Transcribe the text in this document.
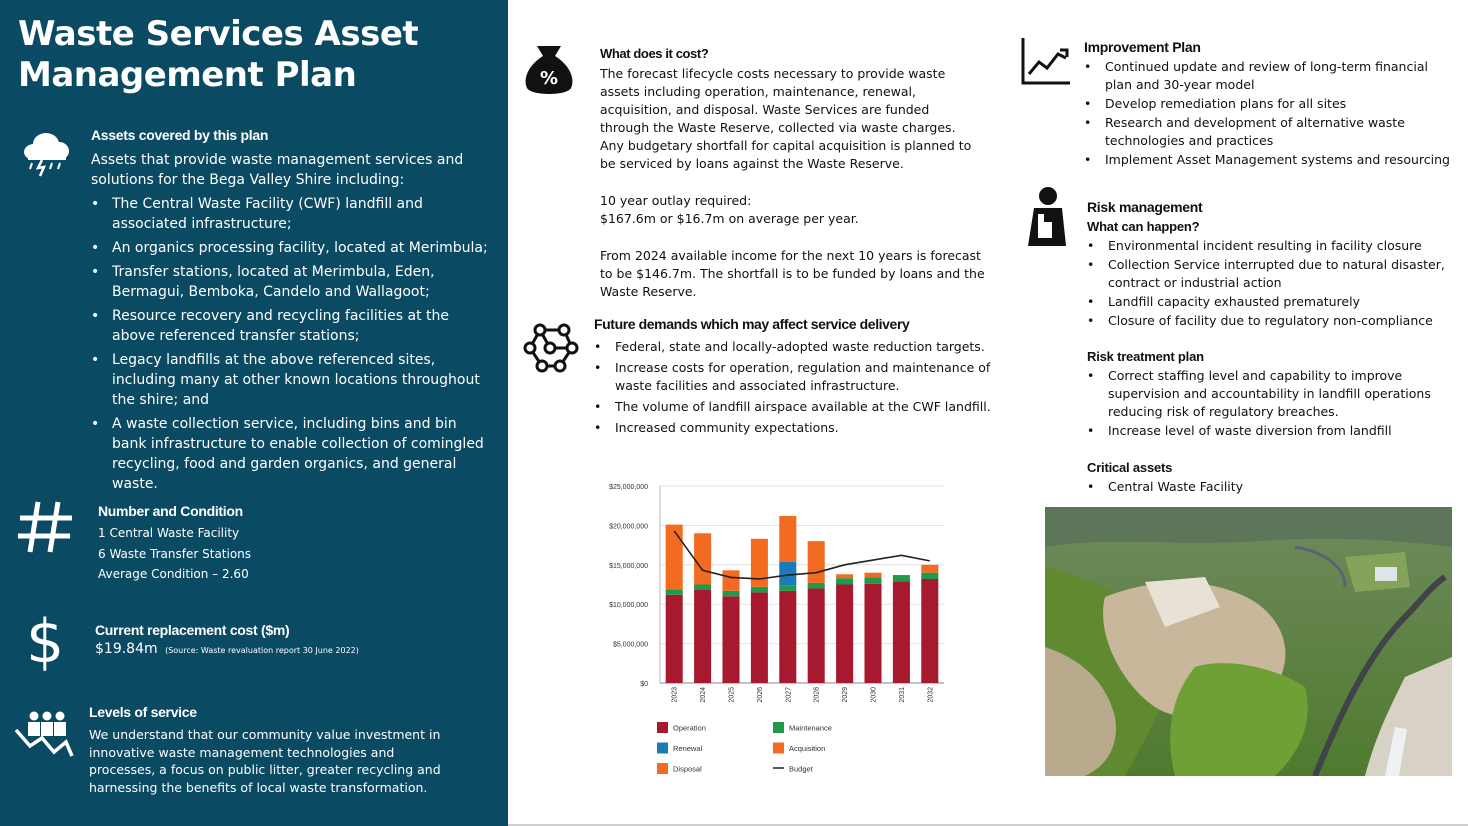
Waste Services Asset
Management Plan
Assets covered by this plan
Assets that provide waste management services and solutions for the Bega Valley Shire including:
• The Central Waste Facility (CWF) landfill and associated infrastructure;
• An organics processing facility, located at Merimbula;
• Transfer stations, located at Merimbula, Eden, Bermagui, Bemboka, Candelo and Wallagoot;
• Resource recovery and recycling facilities at the above referenced transfer stations;
• Legacy landfills at the above referenced sites, including many at other known locations throughout the shire; and
• A waste collection service, including bins and bin bank infrastructure to enable collection of comingled recycling, food and garden organics, and general waste.
Number and Condition
1 Central Waste Facility
6 Waste Transfer Stations
Average Condition – 2.60
$ Current replacement cost ($m)
$19.84m (Source: Waste revaluation report 30 June 2022)
Levels of service
We understand that our community value investment in innovative waste management technologies and processes, a focus on public litter, greater recycling and harnessing the benefits of local waste transformation.
%
What does it cost?
The forecast lifecycle costs necessary to provide waste assets including operation, maintenance, renewal, acquisition, and disposal. Waste Services are funded through the Waste Reserve, collected via waste charges. Any budgetary shortfall for capital acquisition is planned to be serviced by loans against the Waste Reserve.
10 year outlay required:
$167.6m or $16.7m on average per year.
From 2024 available income for the next 10 years is forecast to be $146.7m. The shortfall is to be funded by loans and the Waste Reserve.
Future demands which may affect service delivery
• Federal, state and locally-adopted waste reduction targets.
• Increase costs for operation, regulation and maintenance of waste facilities and associated infrastructure.
• The volume of landfill airspace available at the CWF landfill.
• Increased community expectations.
$0
$5,000,000
$10,000,000
$15,000,000
$20,000,000
$25,000,000
2023	2024	2025	2026	2027	2028	2029	2030	2031	2032
Operation	Maintenance
Renewal	Acquisition
Disposal	Budget
Improvement Plan
• Continued update and review of long-term financial plan and 30-year model
• Develop remediation plans for all sites
• Research and development of alternative waste technologies and practices
• Implement Asset Management systems and resourcing
Risk management
What can happen?
• Environmental incident resulting in facility closure
• Collection Service interrupted due to natural disaster, contract or industrial action
• Landfill capacity exhausted prematurely
• Closure of facility due to regulatory non-compliance
Risk treatment plan
• Correct staffing level and capability to improve supervision and accountability in landfill operations reducing risk of regulatory breaches.
• Increase level of waste diversion from landfill
Critical assets
• Central Waste Facility
